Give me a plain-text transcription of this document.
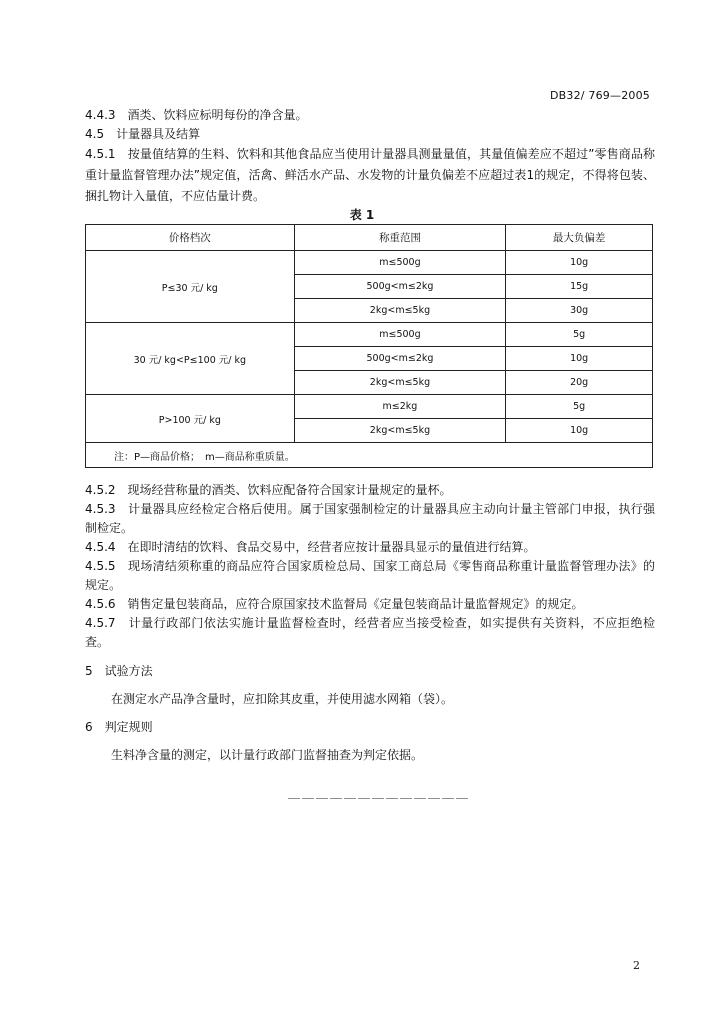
DB32/ 769—2005
4.4.3　酒类、饮料应标明每份的净含量。
4.5　计量器具及结算
4.5.1　按量值结算的生料、饮料和其他食品应当使用计量器具测量量值，其量值偏差应不超过”零售商品称重计量监督管理办法”规定值，活禽、鲜活水产品、水发物的计量负偏差不应超过表1的规定，不得将包装、捆扎物计入量值，不应估量计费。
表 1
价格档次	称重范围	最大负偏差
P≤30 元/ kg	m≤500g	10g
	500g<m≤2kg	15g
	2kg<m≤5kg	30g
30 元/ kg<P≤100 元/ kg	m≤500g	5g
	500g<m≤2kg	10g
	2kg<m≤5kg	20g
P>100 元/ kg	m≤2kg	5g
	2kg<m≤5kg	10g
注：P—商品价格；　m—商品称重质量。		
4.5.2　现场经营称量的酒类、饮料应配备符合国家计量规定的量杯。
4.5.3　计量器具应经检定合格后使用。属于国家强制检定的计量器具应主动向计量主管部门申报，执行强制检定。
4.5.4　在即时清结的饮料、食品交易中，经营者应按计量器具显示的量值进行结算。
4.5.5　现场清结须称重的商品应符合国家质检总局、国家工商总局《零售商品称重计量监督管理办法》的规定。
4.5.6　销售定量包装商品，应符合原国家技术监督局《定量包装商品计量监督规定》的规定。
4.5.7　计量行政部门依法实施计量监督检查时，经营者应当接受检查，如实提供有关资料，不应拒绝检查。
5　试验方法
在测定水产品净含量时，应扣除其皮重，并使用滤水网箱（袋）。
6　判定规则
生料净含量的测定，以计量行政部门监督抽查为判定依据。
＿＿＿＿＿＿＿＿＿＿＿＿＿
2
